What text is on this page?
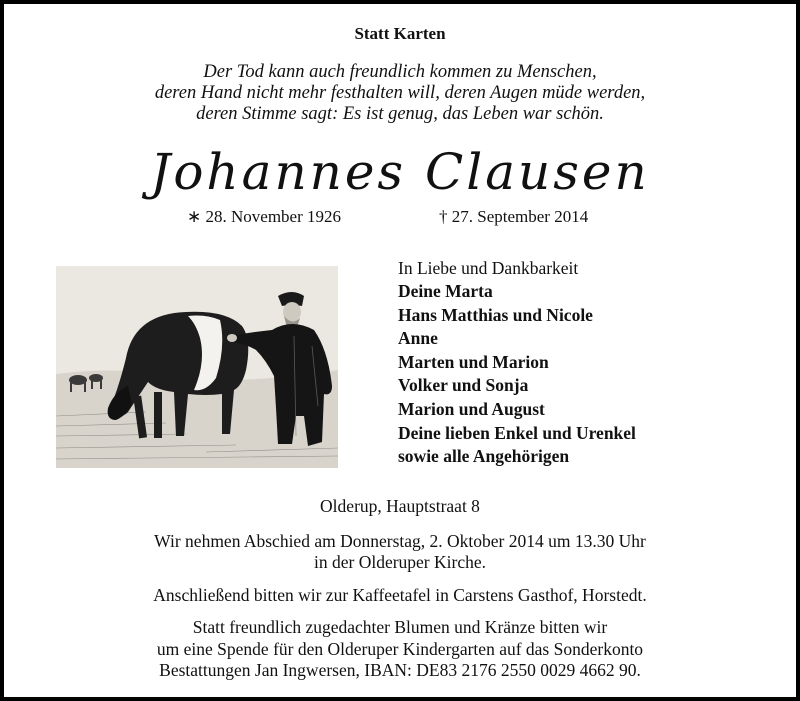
Statt Karten
Der Tod kann auch freundlich kommen zu Menschen,
deren Hand nicht mehr festhalten will, deren Augen müde werden,
deren Stimme sagt: Es ist genug, das Leben war schön.
Johannes Clausen
∗ 28. November 1926	† 27. September 2014
In Liebe und Dankbarkeit
Deine Marta
Hans Matthias und Nicole
Anne
Marten und Marion
Volker und Sonja
Marion und August
Deine lieben Enkel und Urenkel
sowie alle Angehörigen
Olderup, Hauptstraat 8
Wir nehmen Abschied am Donnerstag, 2. Oktober 2014 um 13.30 Uhr
in der Olderuper Kirche.
Anschließend bitten wir zur Kaffeetafel in Carstens Gasthof, Horstedt.
Statt freundlich zugedachter Blumen und Kränze bitten wir
um eine Spende für den Olderuper Kindergarten auf das Sonderkonto
Bestattungen Jan Ingwersen, IBAN: DE83 2176 2550 0029 4662 90.
